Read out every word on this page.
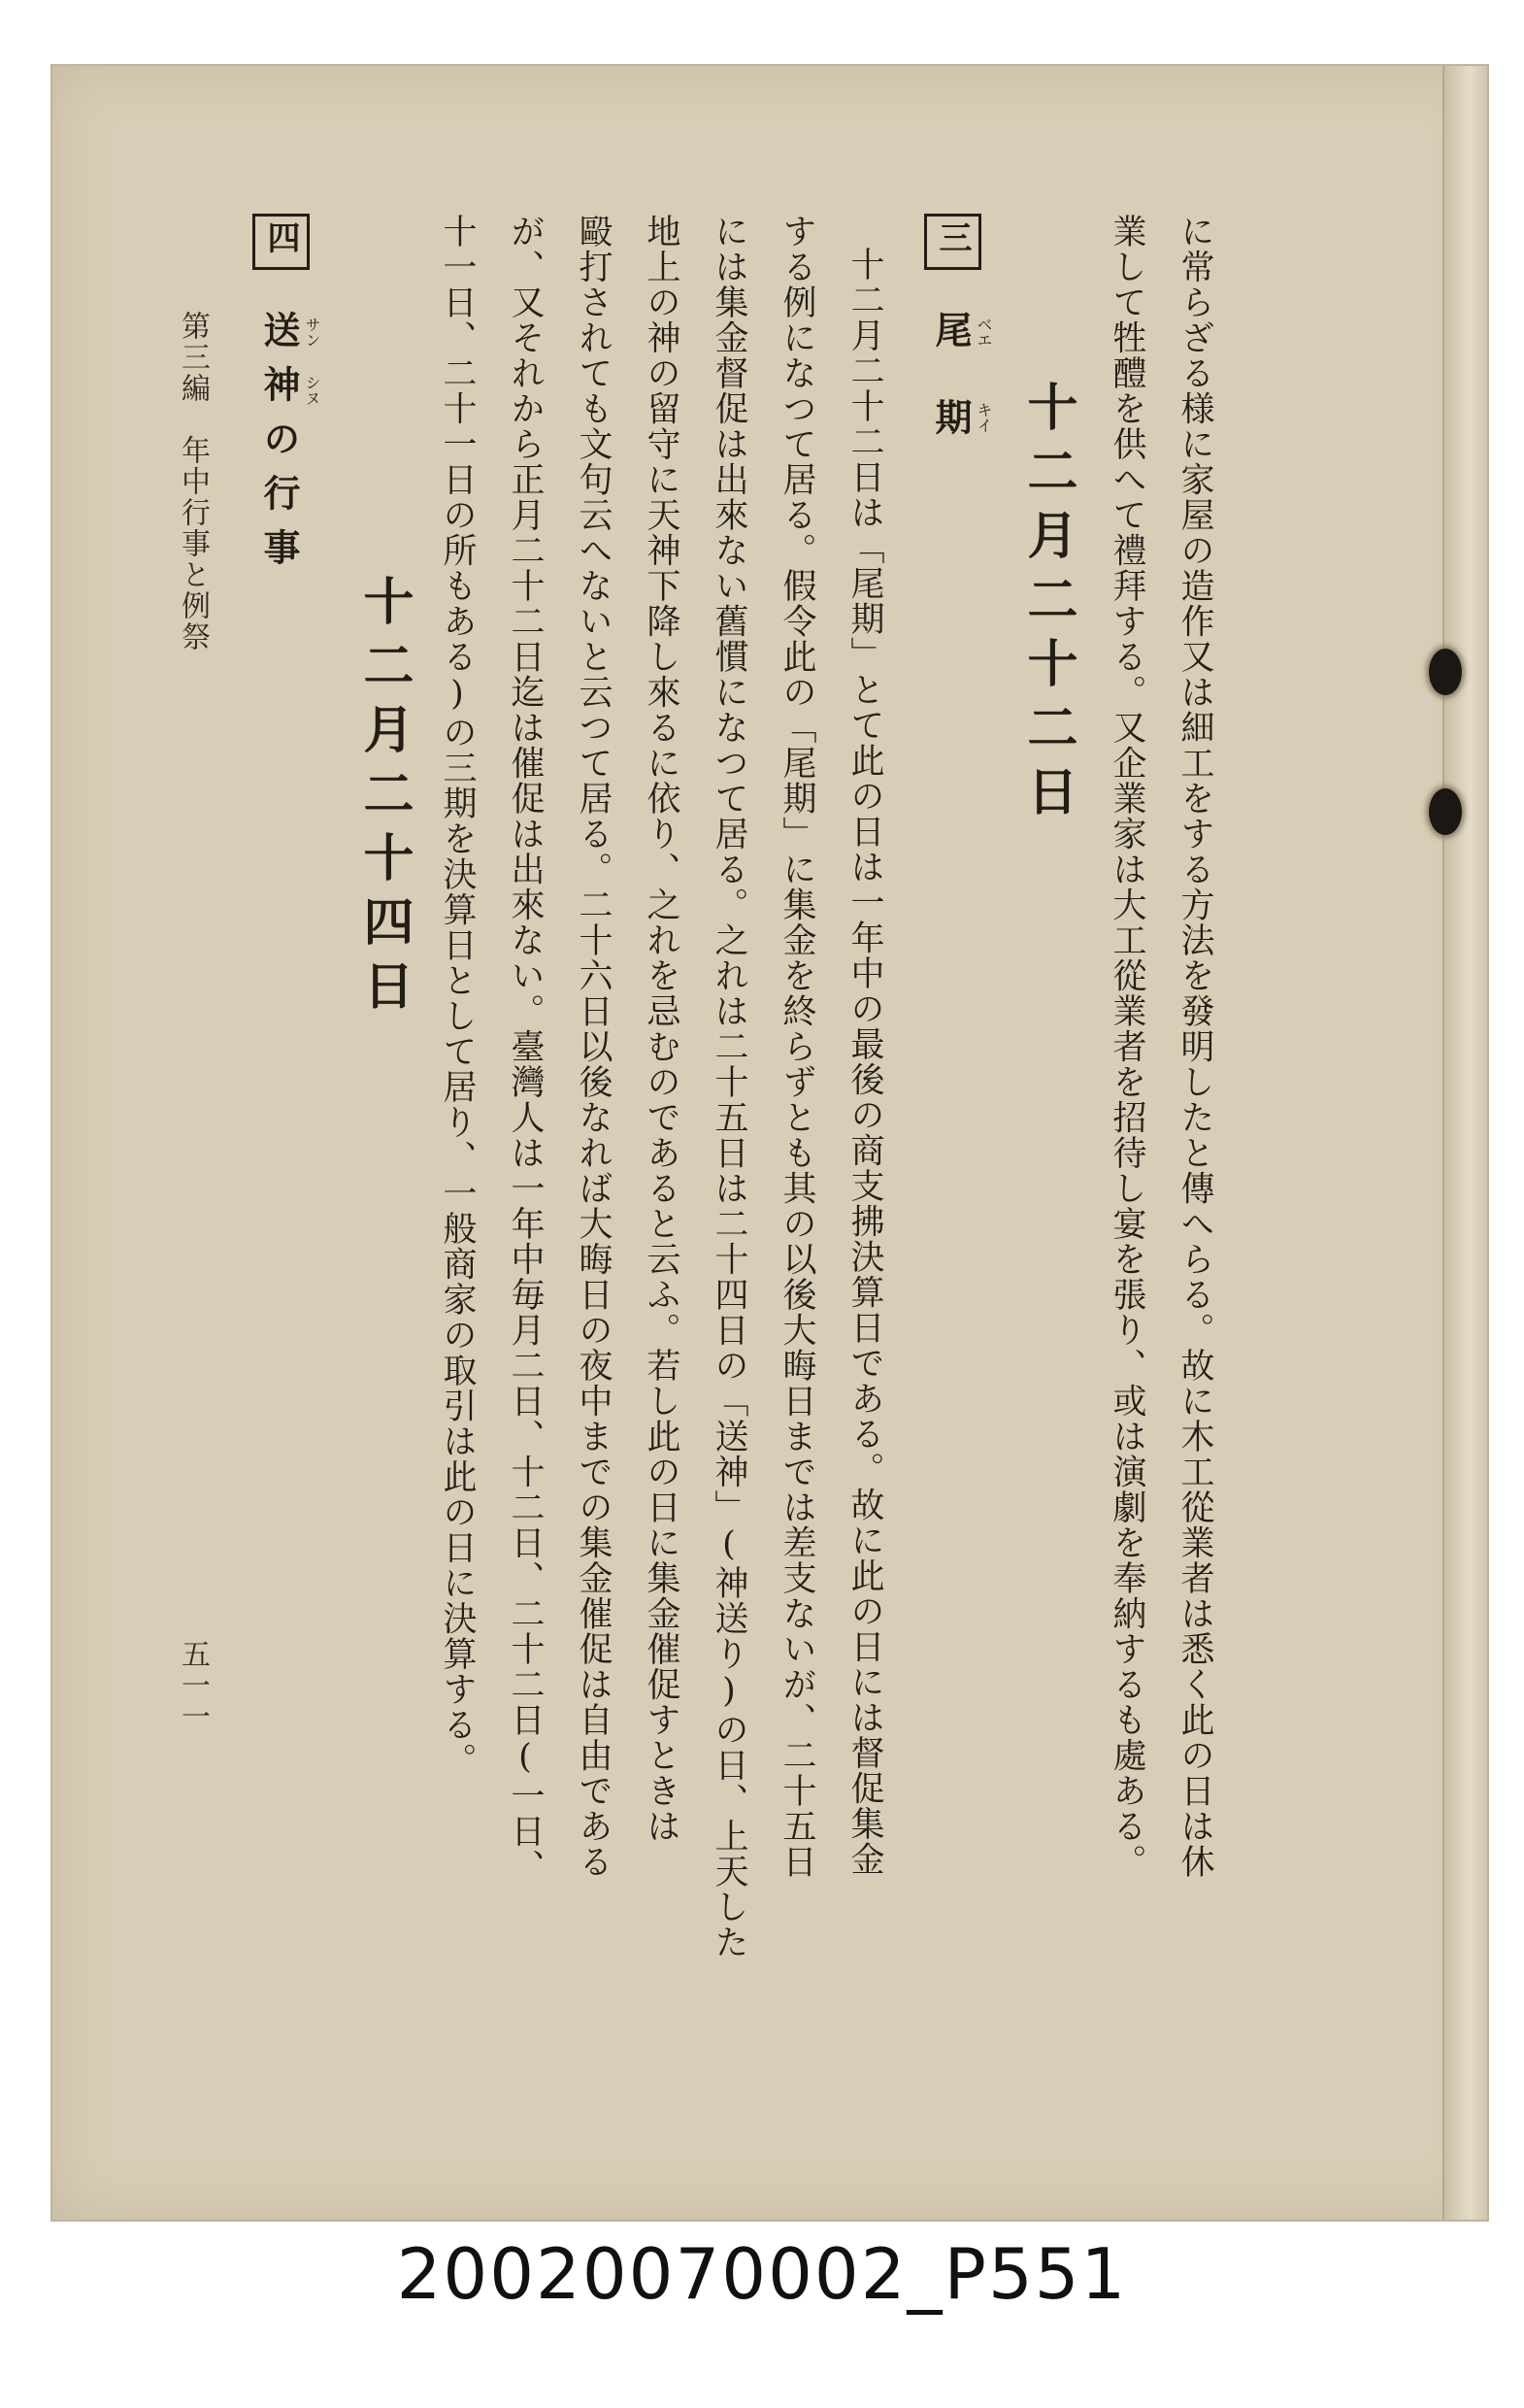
に常らざる様に家屋の造作又は細工をする方法を發明したと傳へらる。故に木工從業者は悉く此の日は休
業して牲醴を供へて禮拜する。又企業家は大工從業者を招待し宴を張り、或は演劇を奉納するも處ある。
十二月二十二日
三
尾期 ベエ
キイ
十二月二十二日は「尾期」とて此の日は一年中の最後の商支拂決算日である。故に此の日には督促集金
する例になつて居る。假令此の「尾期」に集金を終らずとも其の以後大晦日までは差支ないが、二十五日
には集金督促は出來ない舊慣になつて居る。之れは二十五日は二十四日の「送神」(神送り)の日、上天した
地上の神の留守に天神下降し來るに依り、之れを忌むのであると云ふ。若し此の日に集金催促すときは
毆打されても文句云へないと云つて居る。二十六日以後なれば大晦日の夜中までの集金催促は自由である
が、又それから正月二十二日迄は催促は出來ない。臺灣人は一年中毎月二日、十二日、二十二日(一日、
十一日、二十一日の所もある)の三期を決算日として居り、一般商家の取引は此の日に決算する。
十二月二十四日
四
送神の行事 サン
シヌ
第三編　年中行事と例祭
五一一
20020070002_P551
